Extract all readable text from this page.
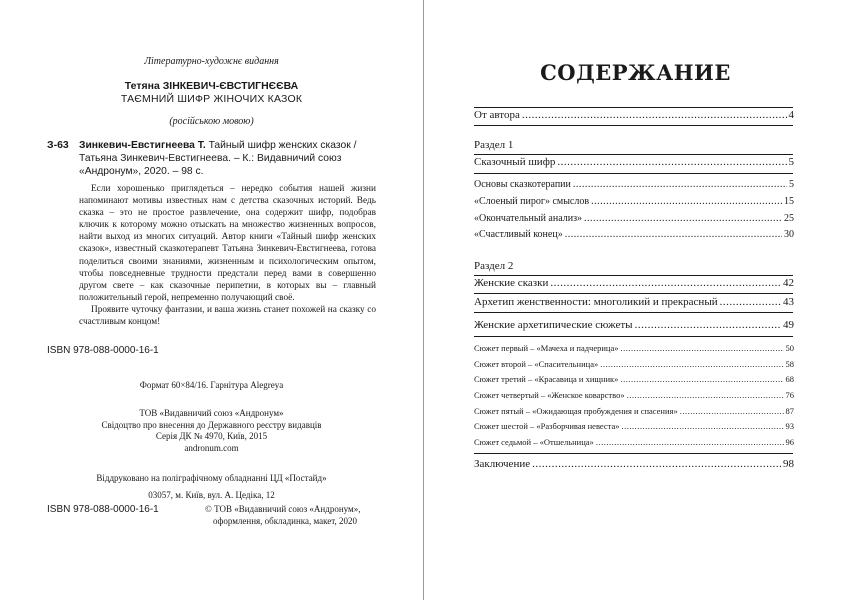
Літературно-художнє видання
Тетяна ЗІНКЕВИЧ-ЄВСТИГНЄЄВА
ТАЄМНИЙ ШИФР ЖІНОЧИХ КАЗОК
(російською мовою)
З-63 Зинкевич-Евстигнеева Т. Тайный шифр женских сказок /
Татьяна Зинкевич-Евстигнеева. – К.: Видавничий союз
«Андронум», 2020. – 98 с.

Если хорошенько приглядеться – нередко события нашей жизни напоминают мотивы известных нам с детства сказочных историй. Ведь сказка – это не простое развлечение, она содержит шифр, подобрав ключик к которому можно отыскать на множество жизненных вопросов, найти выход из многих ситуаций. Автор книги «Тайный шифр женских сказок», известный сказкотерапевт Татьяна Зинкевич-Евстигнеева, готова поделиться своими знаниями, жизненным и психологическим опытом, чтобы повседневные трудности предстали перед вами в совершенно другом свете – как сказочные перипетии, в которых вы – главный положительный герой, непременно получающий своё.

Проявите чуточку фантазии, и ваша жизнь станет похожей на сказку со счастливым концом!

ISBN 978-088-0000-16-1
Формат 60×84/16. Гарнітура Alegreya
ТОВ «Видавничий союз «Андронум»
Свідоцтво про внесення до Державного реєстру видавців
Серія ДК № 4970, Київ, 2015
andronum.com
Віддруковано на поліграфічному обладнанні ЦД «Постайд»
03057, м. Київ, вул. А. Цедіка, 12
ISBN 978-088-0000-16-1	© ТОВ «Видавничий союз «Андронум»,
оформлення, обкладинка, макет, 2020
СОДЕРЖАНИЕ
От автора .....	4
Раздел 1
Сказочный шифр .....	5
Основы сказкотерапии .....	5
«Слоеный пирог» смыслов .....	15
«Окончательный анализ» .....	25
«Счастливый конец» .....	30
Раздел 2
Женские сказки .....	42
Архетип женственности: многоликий и прекрасный .....	43
Женские архетипические сюжеты .....	49
Сюжет первый – «Мачеха и падчерица» .....	50
Сюжет второй – «Спасительница» .....	58
Сюжет третий – «Красавица и хищник» .....	68
Сюжет четвертый – «Женское коварство» .....	76
Сюжет пятый – «Ожидающая пробуждения и спасения» .....	87
Сюжет шестой – «Разборчивая невеста» .....	93
Сюжет седьмой – «Отшельница» .....	96
Заключение .....	98
